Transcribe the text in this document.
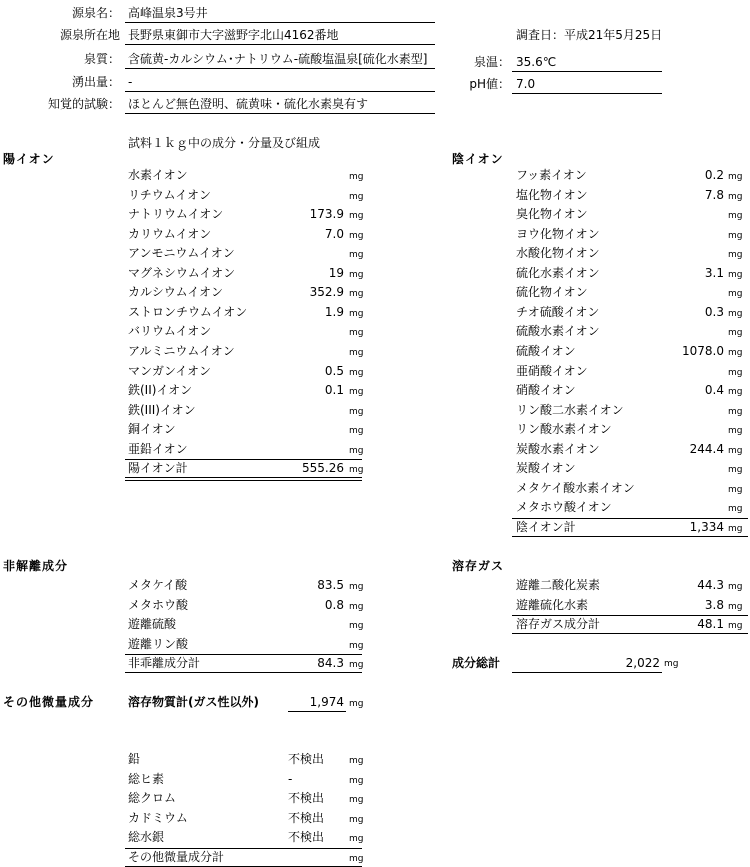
源泉名： 高峰温泉3号井
源泉所在地 長野県東御市大字滋野字北山4162番地
泉質： 含硫黄-カルシウム･ナトリウム-硫酸塩温泉[硫化水素型]
湧出量： -
知覚的試験： ほとんど無色澄明、硫黄味・硫化水素臭有す
調査日：平成21年5月25日
泉温： 35.6℃
pH値： 7.0
試料１ｋｇ中の成分・分量及び組成
陽イオン	陰イオン
水素イオン	mg
リチウムイオン	mg
ナトリウムイオン	173.9 mg
カリウムイオン	7.0 mg
アンモニウムイオン	mg
マグネシウムイオン	19 mg
カルシウムイオン	352.9 mg
ストロンチウムイオン	1.9 mg
バリウムイオン	mg
アルミニウムイオン	mg
マンガンイオン	0.5 mg
鉄(II)イオン	0.1 mg
鉄(III)イオン	mg
銅イオン	mg
亜鉛イオン	mg
陽イオン計	555.26 mg
フッ素イオン	0.2 mg
塩化物イオン	7.8 mg
臭化物イオン	mg
ヨウ化物イオン	mg
水酸化物イオン	mg
硫化水素イオン	3.1 mg
硫化物イオン	mg
チオ硫酸イオン	0.3 mg
硫酸水素イオン	mg
硫酸イオン	1078.0 mg
亜硝酸イオン	mg
硝酸イオン	0.4 mg
リン酸二水素イオン	mg
リン酸水素イオン	mg
炭酸水素イオン	244.4 mg
炭酸イオン	mg
メタケイ酸水素イオン	mg
メタホウ酸イオン	mg
陰イオン計	1,334 mg
非解離成分	溶存ガス
メタケイ酸	83.5 mg
メタホウ酸	0.8 mg
遊離硫酸	mg
遊離リン酸	mg
非乖離成分計	84.3 mg
遊離二酸化炭素	44.3 mg
遊離硫化水素	3.8 mg
溶存ガス成分計	48.1 mg
成分総計	2,022 mg
その他微量成分	溶存物質計(ガス性以外)	1,974 mg
鉛	不検出	mg
総ヒ素	-	mg
総クロム	不検出	mg
カドミウム	不検出	mg
総水銀	不検出	mg
その他微量成分計	mg
